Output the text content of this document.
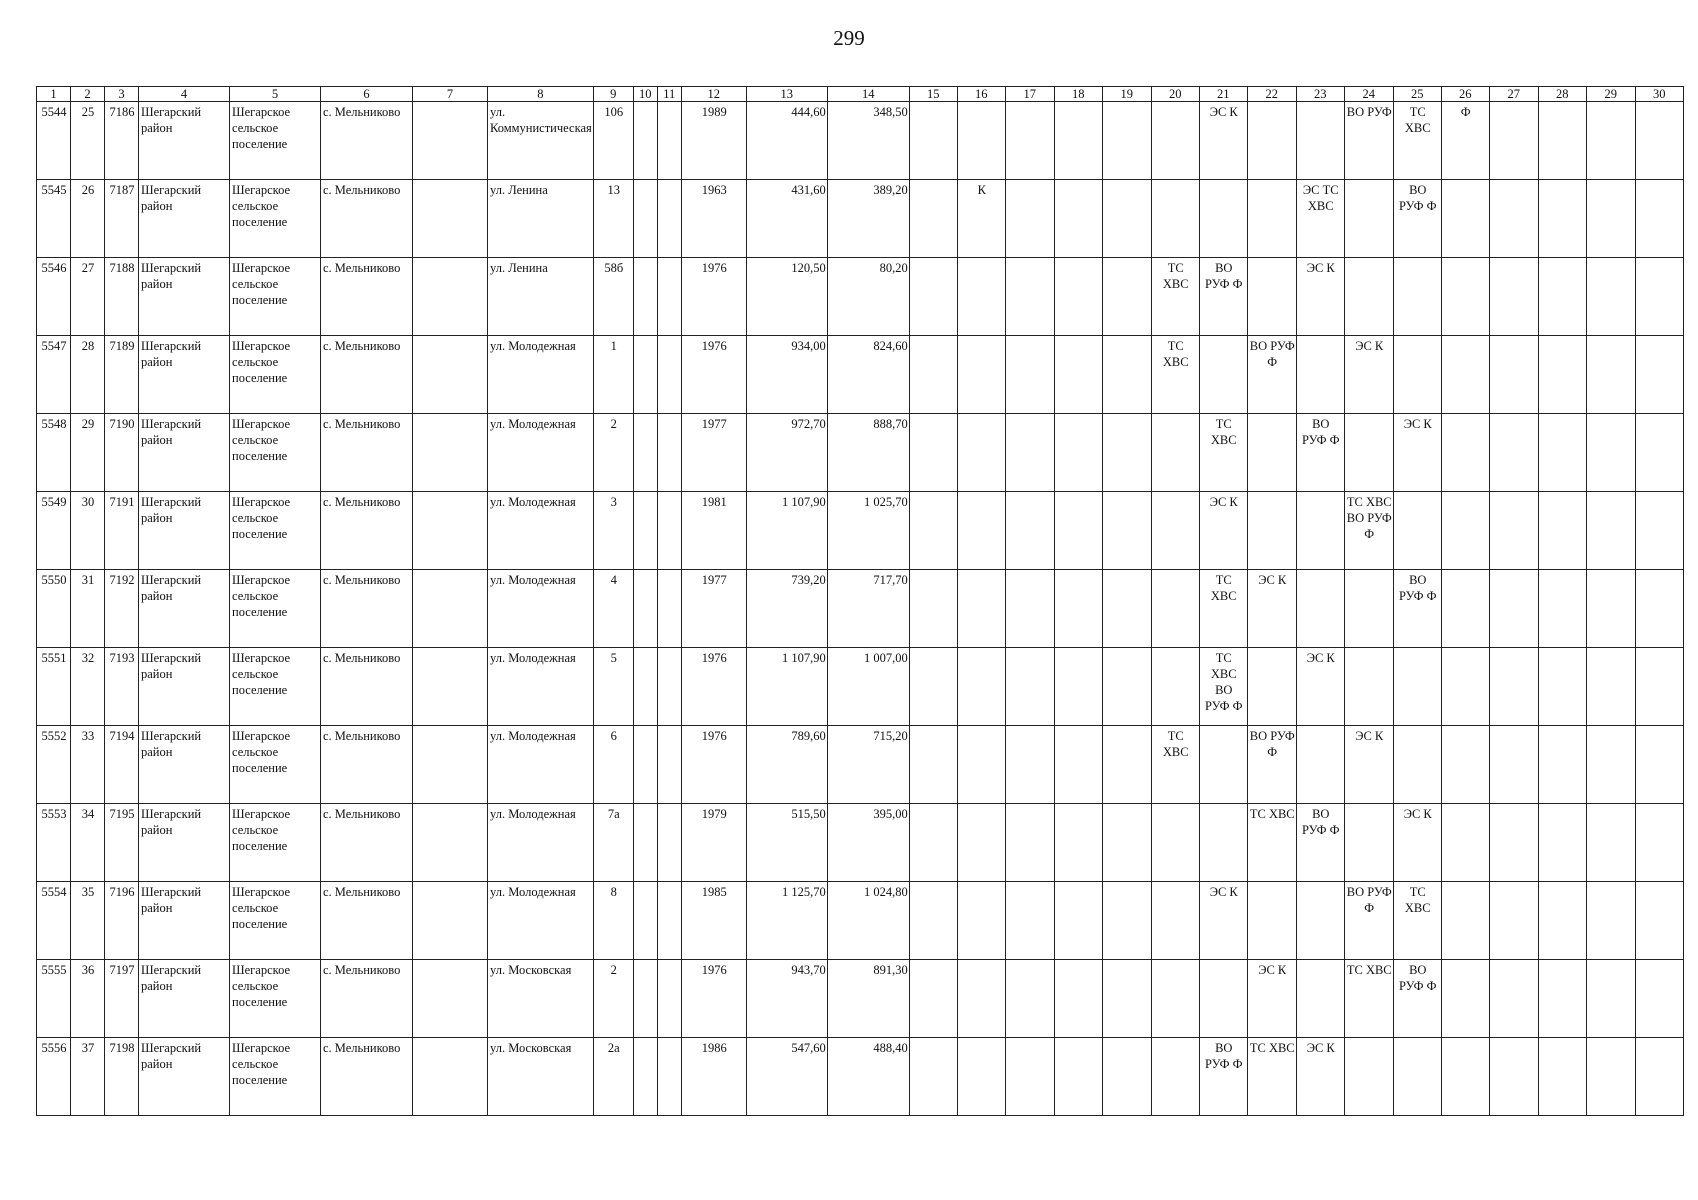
299
1	2	3	4	5	6	7	8	9	10	11	12	13	14	15	16	17	18	19	20	21	22	23	24	25	26	27	28	29	30
5544	25	7186	Шегарский район	Шегарское сельское поселение	с. Мельниково		ул. Коммунистическая	106			1989	444,60	348,50							ЭС К			ВО РУФ	ТС ХВС	Ф				
5545	26	7187	Шегарский район	Шегарское сельское поселение	с. Мельниково		ул. Ленина	13			1963	431,60	389,20		К							ЭС ТС ХВС		ВО РУФ Ф					
5546	27	7188	Шегарский район	Шегарское сельское поселение	с. Мельниково		ул. Ленина	58б			1976	120,50	80,20						ТС ХВС	ВО РУФ Ф		ЭС К							
5547	28	7189	Шегарский район	Шегарское сельское поселение	с. Мельниково		ул. Молодежная	1			1976	934,00	824,60						ТС ХВС		ВО РУФ Ф		ЭС К						
5548	29	7190	Шегарский район	Шегарское сельское поселение	с. Мельниково		ул. Молодежная	2			1977	972,70	888,70							ТС ХВС		ВО РУФ Ф		ЭС К					
5549	30	7191	Шегарский район	Шегарское сельское поселение	с. Мельниково		ул. Молодежная	3			1981	1 107,90	1 025,70							ЭС К			ТС ХВС ВО РУФ Ф						
5550	31	7192	Шегарский район	Шегарское сельское поселение	с. Мельниково		ул. Молодежная	4			1977	739,20	717,70							ТС ХВС	ЭС К			ВО РУФ Ф					
5551	32	7193	Шегарский район	Шегарское сельское поселение	с. Мельниково		ул. Молодежная	5			1976	1 107,90	1 007,00							ТС ХВС ВО РУФ Ф		ЭС К							
5552	33	7194	Шегарский район	Шегарское сельское поселение	с. Мельниково		ул. Молодежная	6			1976	789,60	715,20						ТС ХВС		ВО РУФ Ф		ЭС К						
5553	34	7195	Шегарский район	Шегарское сельское поселение	с. Мельниково		ул. Молодежная	7а			1979	515,50	395,00								ТС ХВС	ВО РУФ Ф		ЭС К					
5554	35	7196	Шегарский район	Шегарское сельское поселение	с. Мельниково		ул. Молодежная	8			1985	1 125,70	1 024,80							ЭС К			ВО РУФ Ф	ТС ХВС					
5555	36	7197	Шегарский район	Шегарское сельское поселение	с. Мельниково		ул. Московская	2			1976	943,70	891,30								ЭС К		ТС ХВС	ВО РУФ Ф					
5556	37	7198	Шегарский район	Шегарское сельское поселение	с. Мельниково		ул. Московская	2а			1986	547,60	488,40							ВО РУФ Ф	ТС ХВС	ЭС К							
